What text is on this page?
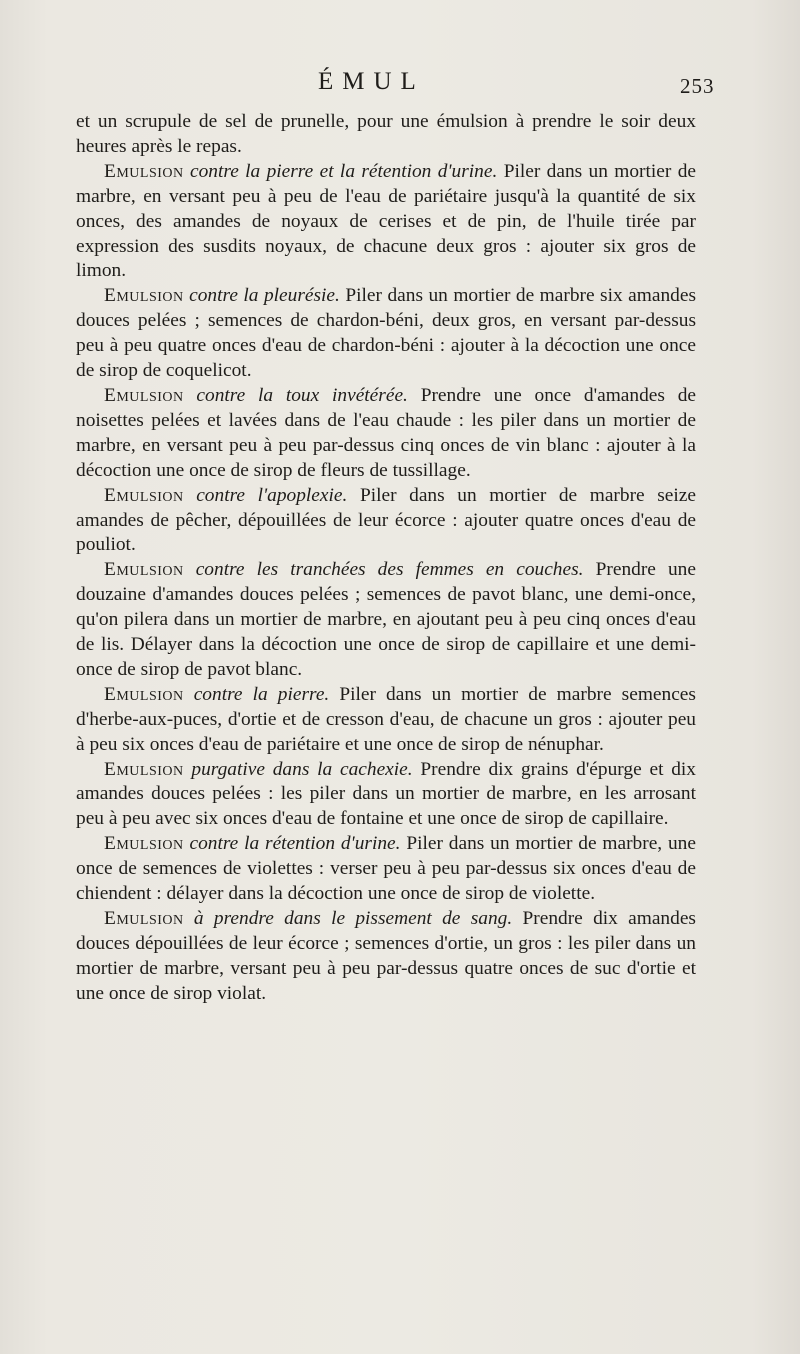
ÉMUL	253

et un scrupule de sel de prunelle, pour une émulsion à prendre le soir deux heures après le repas.

Emulsion contre la pierre et la rétention d'urine. Piler dans un mortier de marbre, en versant peu à peu de l'eau de pariétaire jusqu'à la quantité de six onces, des amandes de noyaux de cerises et de pin, de l'huile tirée par expression des susdits noyaux, de chacune deux gros : ajouter six gros de limon.

Emulsion contre la pleurésie. Piler dans un mortier de marbre six amandes douces pelées ; semences de chardon-béni, deux gros, en versant par-dessus peu à peu quatre onces d'eau de chardon-béni : ajouter à la décoction une once de sirop de coquelicot.

Emulsion contre la toux invétérée. Prendre une once d'amandes de noisettes pelées et lavées dans de l'eau chaude : les piler dans un mortier de marbre, en versant peu à peu par-dessus cinq onces de vin blanc : ajouter à la décoction une once de sirop de fleurs de tussillage.

Emulsion contre l'apoplexie. Piler dans un mortier de marbre seize amandes de pêcher, dépouillées de leur écorce : ajouter quatre onces d'eau de pouliot.

Emulsion contre les tranchées des femmes en couches. Prendre une douzaine d'amandes douces pelées ; semences de pavot blanc, une demi-once, qu'on pilera dans un mortier de marbre, en ajoutant peu à peu cinq onces d'eau de lis. Délayer dans la décoction une once de sirop de capillaire et une demi-once de sirop de pavot blanc.

Emulsion contre la pierre. Piler dans un mortier de marbre semences d'herbe-aux-puces, d'ortie et de cresson d'eau, de chacune un gros : ajouter peu à peu six onces d'eau de pariétaire et une once de sirop de nénuphar.

Emulsion purgative dans la cachexie. Prendre dix grains d'épurge et dix amandes douces pelées : les piler dans un mortier de marbre, en les arrosant peu à peu avec six onces d'eau de fontaine et une once de sirop de capillaire.

Emulsion contre la rétention d'urine. Piler dans un mortier de marbre, une once de semences de violettes : verser peu à peu par-dessus six onces d'eau de chiendent : délayer dans la décoction une once de sirop de violette.

Emulsion à prendre dans le pissement de sang. Prendre dix amandes douces dépouillées de leur écorce ; semences d'ortie, un gros : les piler dans un mortier de marbre, versant peu à peu par-dessus quatre onces de suc d'ortie et une once de sirop violat.
